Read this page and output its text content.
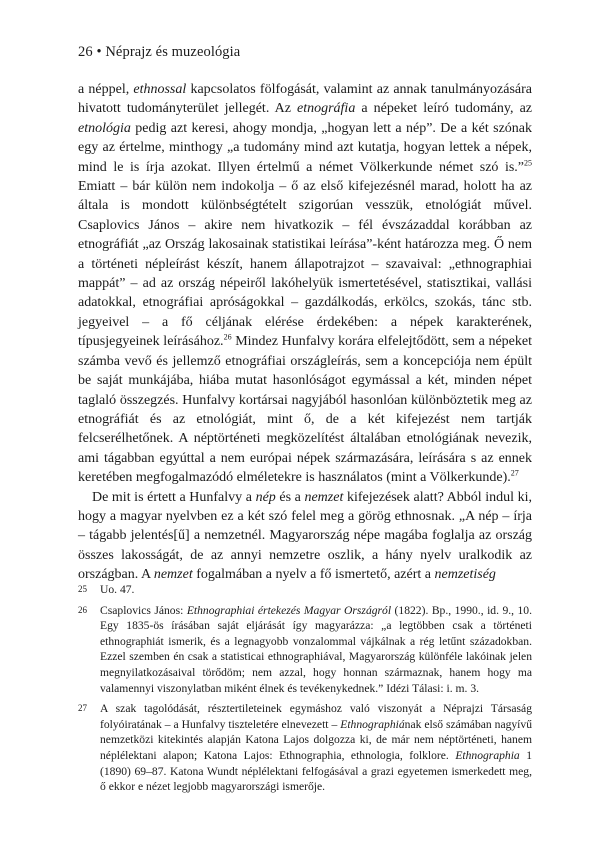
26 • Néprajz és muzeológia

a néppel, ethnossal kapcsolatos fölfogását, valamint az annak tanulmányozására hivatott tudományterület jellegét. Az etnográfia a népeket leíró tudomány, az etnológia pedig azt keresi, ahogy mondja, „hogyan lett a nép”. De a két szónak egy az értelme, minthogy „a tudomány mind azt kutatja, hogyan lettek a népek, mind le is írja azokat. Illyen értelmű a német Völkerkunde német szó is.”$^{25}$ Emiatt – bár külön nem indokolja – ő az első kifejezésnél marad, holott ha az általa is mondott különbségtételt szigorúan vesszük, etnológiát művel. Csaplovics János – akire nem hivatkozik – fél évszázaddal korábban az etnográfiát „az Ország lakosainak statistikai leírása”-ként határozza meg. Ő nem a történeti népleírást készít, hanem állapotrajzot – szavaival: „ethnographiai mappát” – ad az ország népeiről lakóhelyük ismertetésével, statisztikai, vallási adatokkal, etnográfiai apróságokkal – gazdálkodás, erkölcs, szokás, tánc stb. jegyeivel – a fő céljának elérése érdekében: a népek karakterének, típusjegyeinek leírásához.$^{26}$ Mindez Hunfalvy korára elfelejtődött, sem a népeket számba vevő és jellemző etnográfiai országleírás, sem a koncepciója nem épült be saját munkájába, hiába mutat hasonlóságot egymással a két, minden népet taglaló összegzés. Hunfalvy kortársai nagyjából hasonlóan különböztetik meg az etnográfiát és az etnológiát, mint ő, de a két kifejezést nem tartják felcserélhetőnek. A néptörténeti megközelítést általában etnológiának nevezik, ami tágabban egyúttal a nem európai népek származására, leírására s az ennek keretében megfogalmazódó elméletekre is használatos (mint a Völkerkunde).$^{27}$

De mit is értett a Hunfalvy a nép és a nemzet kifejezések alatt? Abból indul ki, hogy a magyar nyelvben ez a két szó felel meg a görög ethnosnak. „A nép – írja – tágabb jelentés[ű] a nemzetnél. Magyarország népe magába foglalja az ország összes lakosságát, de az annyi nemzetre oszlik, a hány nyelv uralkodik az országban. A nemzet fogalmában a nyelv a fő ismertető, azért a nemzetiség

25 Uo. 47.
26 Csaplovics János: Ethnographiai értekezés Magyar Országról (1822). Bp., 1990., id. 9., 10. Egy 1835-ös írásában saját eljárását így magyarázza: „a legtöbben csak a történeti ethnographiát ismerik, és a legnagyobb vonzalommal vájkálnak a rég letűnt századokban. Ezzel szemben én csak a statisticai ethnographiával, Magyarország különféle lakóinak jelen megnyilatkozásaival törődöm; nem azzal, hogy honnan származnak, hanem hogy ma valamennyi viszonylatban miként élnek és tevékenykednek.” Idézi Tálasi: i. m. 3.
27 A szak tagolódását, résztertileteinek egymáshoz való viszonyát a Néprajzi Társaság folyóiratának – a Hunfalvy tiszteletére elnevezett – Ethnographiának első számában nagyívű nemzetközi kitekintés alapján Katona Lajos dolgozza ki, de már nem néptörténeti, hanem néplélektani alapon; Katona Lajos: Ethnographia, ethnologia, folklore. Ethnographia 1 (1890) 69–87. Katona Wundt néplélektani felfogásával a grazi egyetemen ismerkedett meg, ő ekkor e nézet legjobb magyarországi ismerője.
